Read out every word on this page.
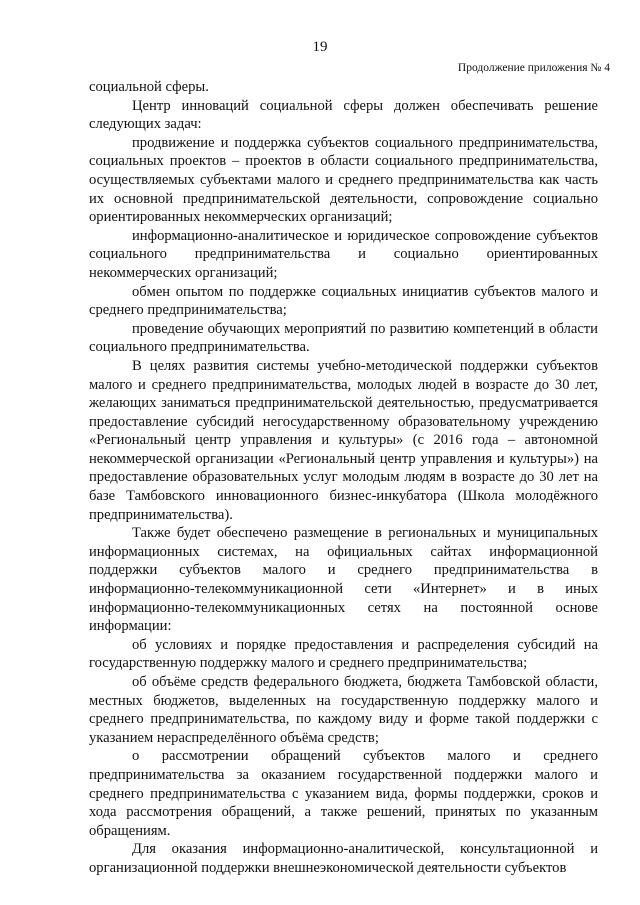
19
Продолжение приложения № 4

социальной сферы.

Центр инноваций социальной сферы должен обеспечивать решение следующих задач:

продвижение и поддержка субъектов социального предпринимательства, социальных проектов – проектов в области социального предпринимательства, осуществляемых субъектами малого и среднего предпринимательства как часть их основной предпринимательской деятельности, сопровождение социально ориентированных некоммерческих организаций;

информационно-аналитическое и юридическое сопровождение субъектов социального предпринимательства и социально ориентированных некоммерческих организаций;

обмен опытом по поддержке социальных инициатив субъектов малого и среднего предпринимательства;

проведение обучающих мероприятий по развитию компетенций в области социального предпринимательства.

В целях развития системы учебно-методической поддержки субъектов малого и среднего предпринимательства, молодых людей в возрасте до 30 лет, желающих заниматься предпринимательской деятельностью, предусматривается предоставление субсидий негосударственному образовательному учреждению «Региональный центр управления и культуры» (с 2016 года – автономной некоммерческой организации «Региональный центр управления и культуры») на предоставление образовательных услуг молодым людям в возрасте до 30 лет на базе Тамбовского инновационного бизнес-инкубатора (Школа молодёжного предпринимательства).

Также будет обеспечено размещение в региональных и муниципальных информационных системах, на официальных сайтах информационной поддержки субъектов малого и среднего предпринимательства в информационно-телекоммуникационной сети «Интернет» и в иных информационно-телекоммуникационных сетях на постоянной основе информации:

об условиях и порядке предоставления и распределения субсидий на государственную поддержку малого и среднего предпринимательства;

об объёме средств федерального бюджета, бюджета Тамбовской области, местных бюджетов, выделенных на государственную поддержку малого и среднего предпринимательства, по каждому виду и форме такой поддержки с указанием нераспределённого объёма средств;

о рассмотрении обращений субъектов малого и среднего предпринимательства за оказанием государственной поддержки малого и среднего предпринимательства с указанием вида, формы поддержки, сроков и хода рассмотрения обращений, а также решений, принятых по указанным обращениям.

Для оказания информационно-аналитической, консультационной и организационной поддержки внешнеэкономической деятельности субъектов
